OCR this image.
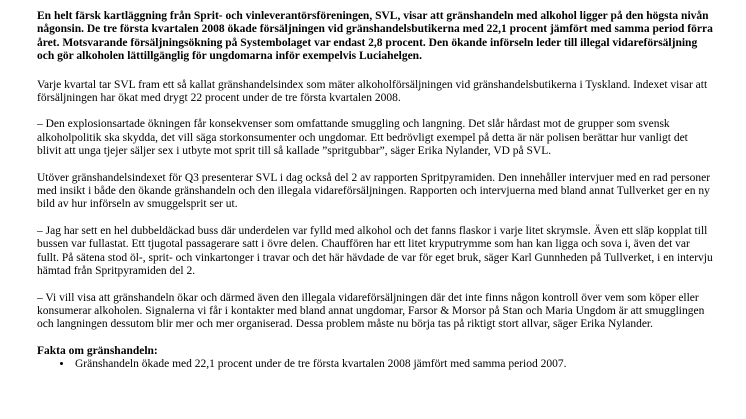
En helt färsk kartläggning från Sprit- och vinleverantörsföreningen, SVL, visar att gränshandeln med alkohol ligger på den högsta nivån någonsin. De tre första kvartalen 2008 ökade försäljningen vid gränshandelsbutikerna med 22,1 procent jämfört med samma period förra året. Motsvarande försäljningsökning på Systembolaget var endast 2,8 procent. Den ökande införseln leder till illegal vidareförsäljning och gör alkoholen lättillgänglig för ungdomarna inför exempelvis Luciahelgen.

Varje kvartal tar SVL fram ett så kallat gränshandelsindex som mäter alkoholförsäljningen vid gränshandelsbutikerna i Tyskland. Indexet visar att försäljningen har ökat med drygt 22 procent under de tre första kvartalen 2008.

– Den explosionsartade ökningen får konsekvenser som omfattande smuggling och langning. Det slår hårdast mot de grupper som svensk alkoholpolitik ska skydda, det vill säga storkonsumenter och ungdomar. Ett bedrövligt exempel på detta är när polisen berättar hur vanligt det blivit att unga tjejer säljer sex i utbyte mot sprit till så kallade ”spritgubbar”, säger Erika Nylander, VD på SVL.

Utöver gränshandelsindexet för Q3 presenterar SVL i dag också del 2 av rapporten Spritpyramiden. Den innehåller intervjuer med en rad personer med insikt i både den ökande gränshandeln och den illegala vidareförsäljningen. Rapporten och intervjuerna med bland annat Tullverket ger en ny bild av hur införseln av smuggelsprit ser ut.

– Jag har sett en hel dubbeldäckad buss där underdelen var fylld med alkohol och det fanns flaskor i varje litet skrymsle. Även ett släp kopplat till bussen var fullastat. Ett tjugotal passagerare satt i övre delen. Chauffören har ett litet kryputrymme som han kan ligga och sova i, även det var fullt. På sätena stod öl-, sprit- och vinkartonger i travar och det här hävdade de var för eget bruk, säger Karl Gunnheden på Tullverket, i en intervju hämtad från Spritpyramiden del 2.

– Vi vill visa att gränshandeln ökar och därmed även den illegala vidareförsäljningen där det inte finns någon kontroll över vem som köper eller konsumerar alkoholen. Signalerna vi får i kontakter med bland annat ungdomar, Farsor & Morsor på Stan och Maria Ungdom är att smugglingen och langningen dessutom blir mer och mer organiserad. Dessa problem måste nu börja tas på riktigt stort allvar, säger Erika Nylander.

Fakta om gränshandeln:

• Gränshandeln ökade med 22,1 procent under de tre första kvartalen 2008 jämfört med samma period 2007.
